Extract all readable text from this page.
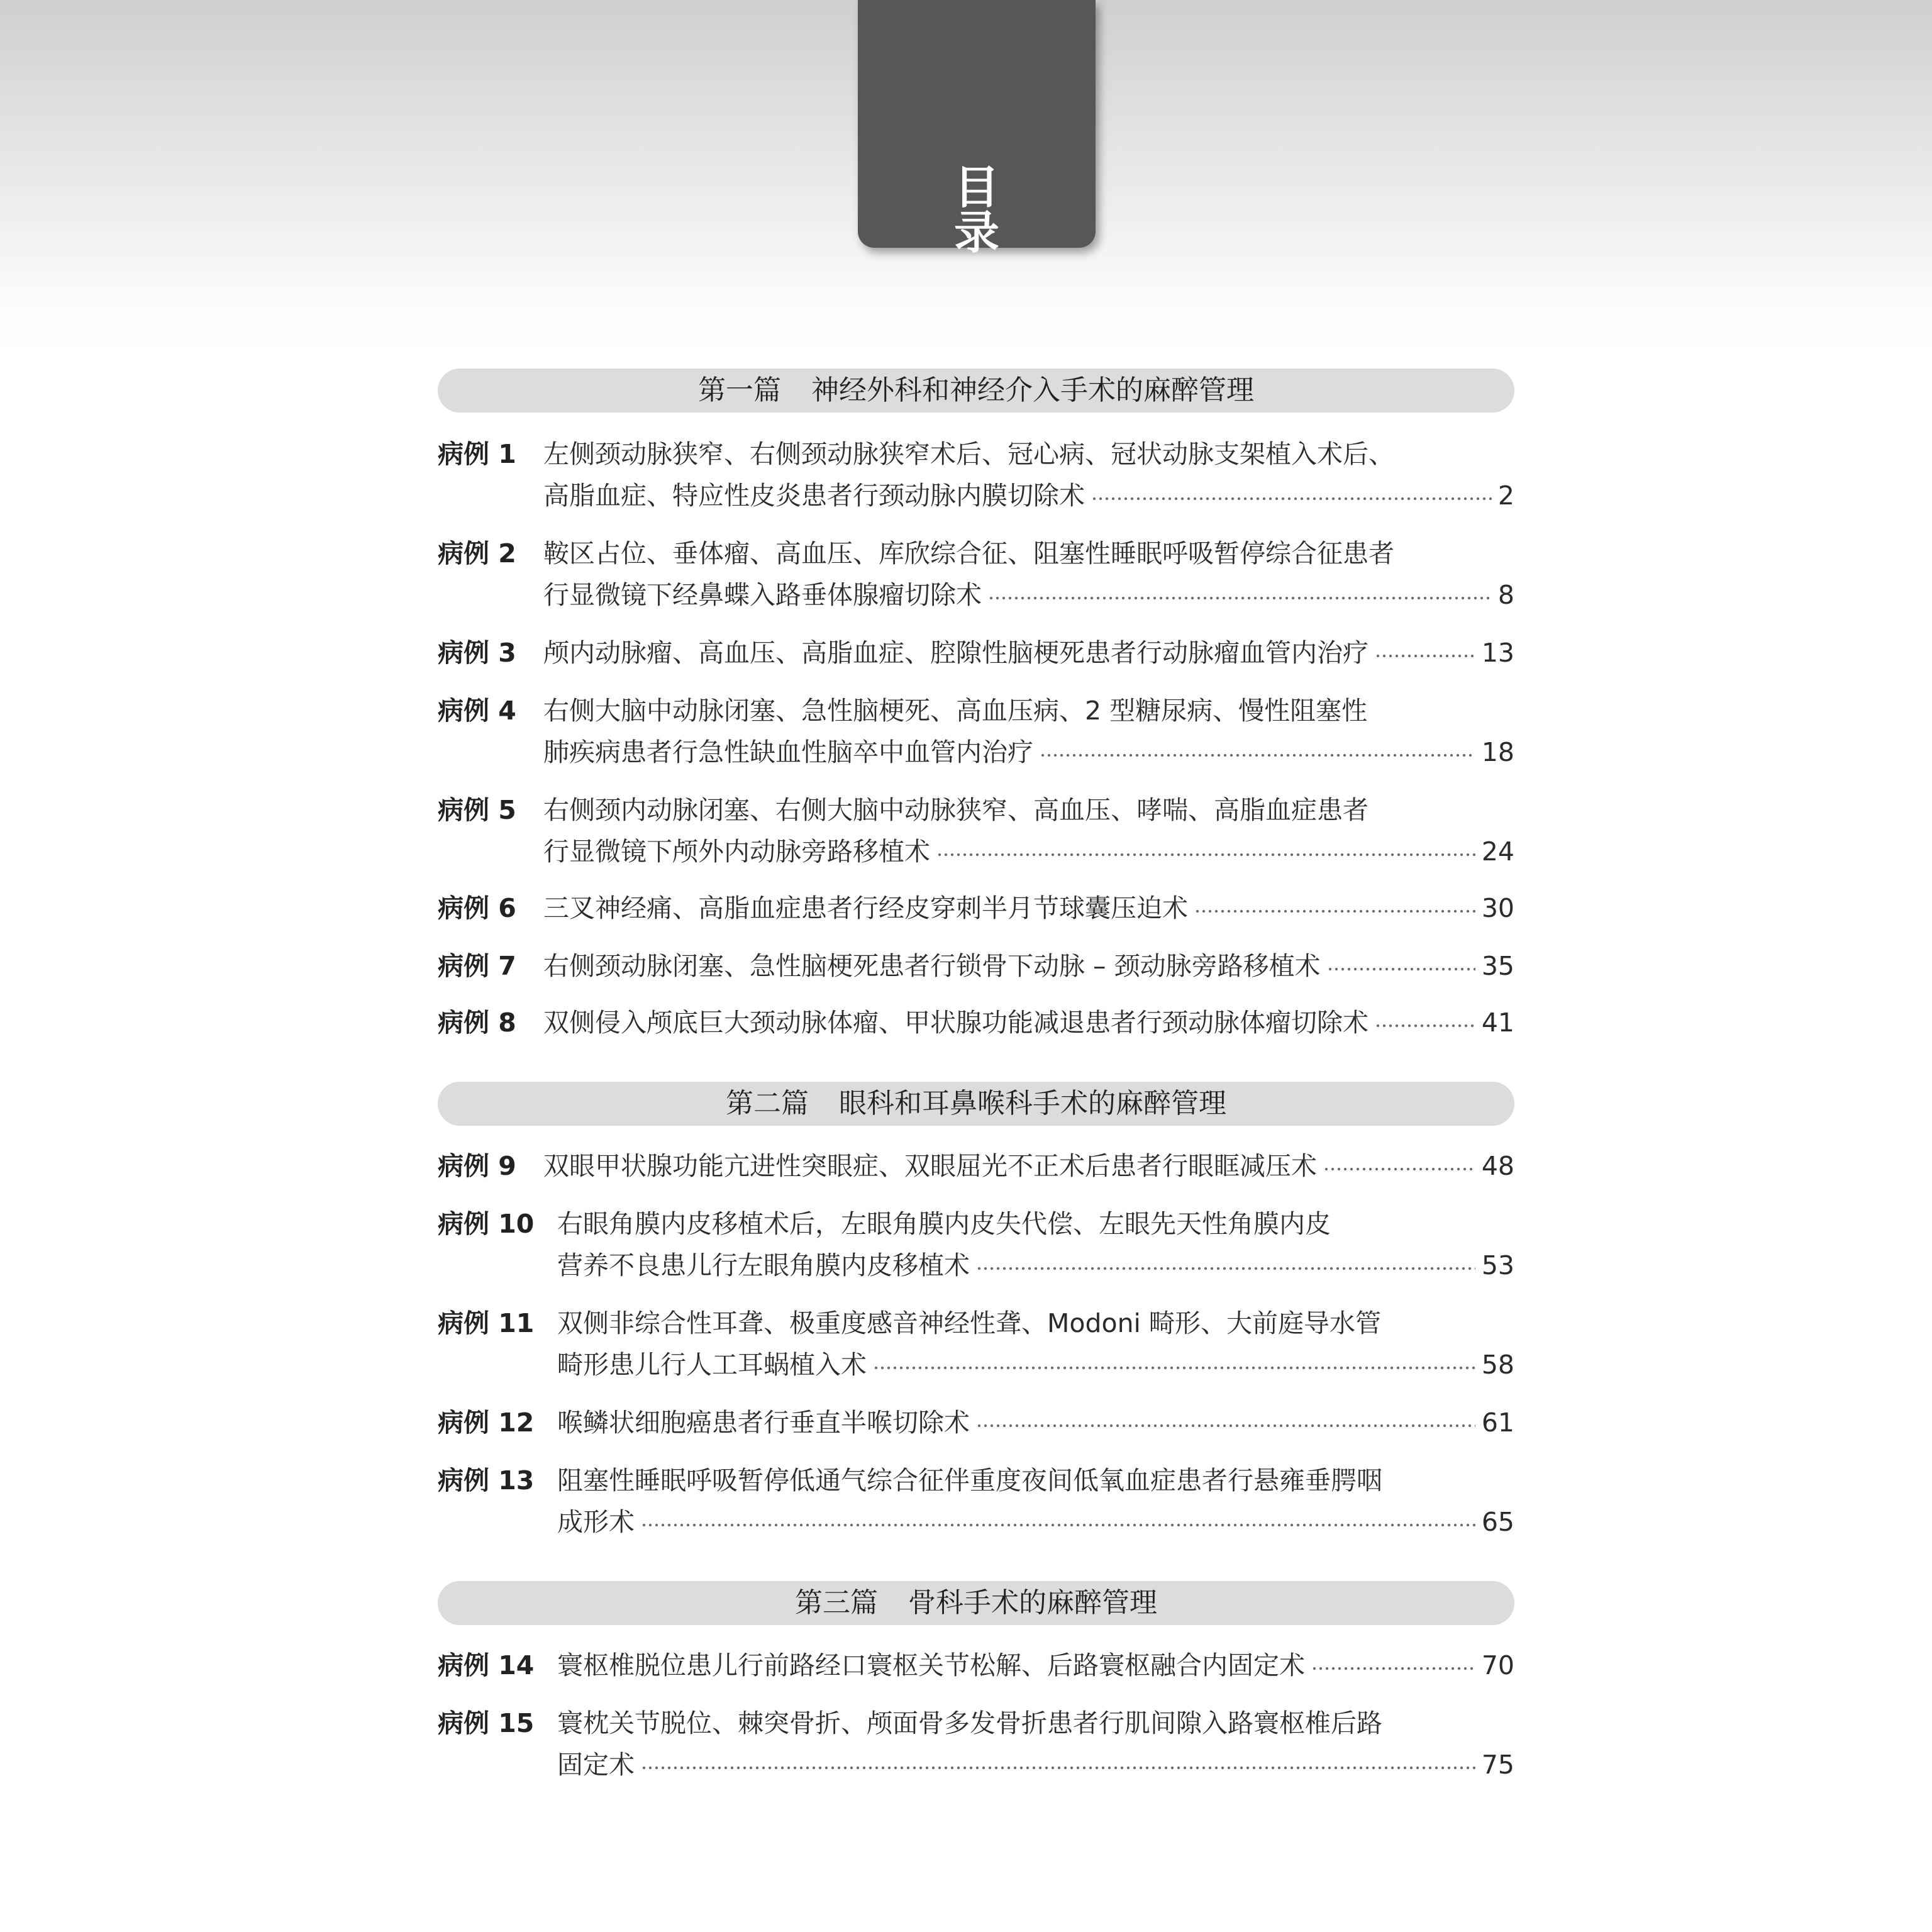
目 录
第一篇 神经外科和神经介入手术的麻醉管理
病例 1 左侧颈动脉狭窄、右侧颈动脉狭窄术后、冠心病、冠状动脉支架植入术后、
高脂血症、特应性皮炎患者行颈动脉内膜切除术	2
病例 2 鞍区占位、垂体瘤、高血压、库欣综合征、阻塞性睡眠呼吸暂停综合征患者
行显微镜下经鼻蝶入路垂体腺瘤切除术	8
病例 3 颅内动脉瘤、高血压、高脂血症、腔隙性脑梗死患者行动脉瘤血管内治疗	13
病例 4 右侧大脑中动脉闭塞、急性脑梗死、高血压病、2 型糖尿病、慢性阻塞性
肺疾病患者行急性缺血性脑卒中血管内治疗	18
病例 5 右侧颈内动脉闭塞、右侧大脑中动脉狭窄、高血压、哮喘、高脂血症患者
行显微镜下颅外内动脉旁路移植术	24
病例 6 三叉神经痛、高脂血症患者行经皮穿刺半月节球囊压迫术	30
病例 7 右侧颈动脉闭塞、急性脑梗死患者行锁骨下动脉 – 颈动脉旁路移植术	35
病例 8 双侧侵入颅底巨大颈动脉体瘤、甲状腺功能减退患者行颈动脉体瘤切除术	41
第二篇 眼科和耳鼻喉科手术的麻醉管理
病例 9 双眼甲状腺功能亢进性突眼症、双眼屈光不正术后患者行眼眶减压术	48
病例 10 右眼角膜内皮移植术后，左眼角膜内皮失代偿、左眼先天性角膜内皮
营养不良患儿行左眼角膜内皮移植术	53
病例 11 双侧非综合性耳聋、极重度感音神经性聋、Modoni 畸形、大前庭导水管
畸形患儿行人工耳蜗植入术	58
病例 12 喉鳞状细胞癌患者行垂直半喉切除术	61
病例 13 阻塞性睡眠呼吸暂停低通气综合征伴重度夜间低氧血症患者行悬雍垂腭咽
成形术	65
第三篇 骨科手术的麻醉管理
病例 14 寰枢椎脱位患儿行前路经口寰枢关节松解、后路寰枢融合内固定术	70
病例 15 寰枕关节脱位、棘突骨折、颅面骨多发骨折患者行肌间隙入路寰枢椎后路
固定术	75
